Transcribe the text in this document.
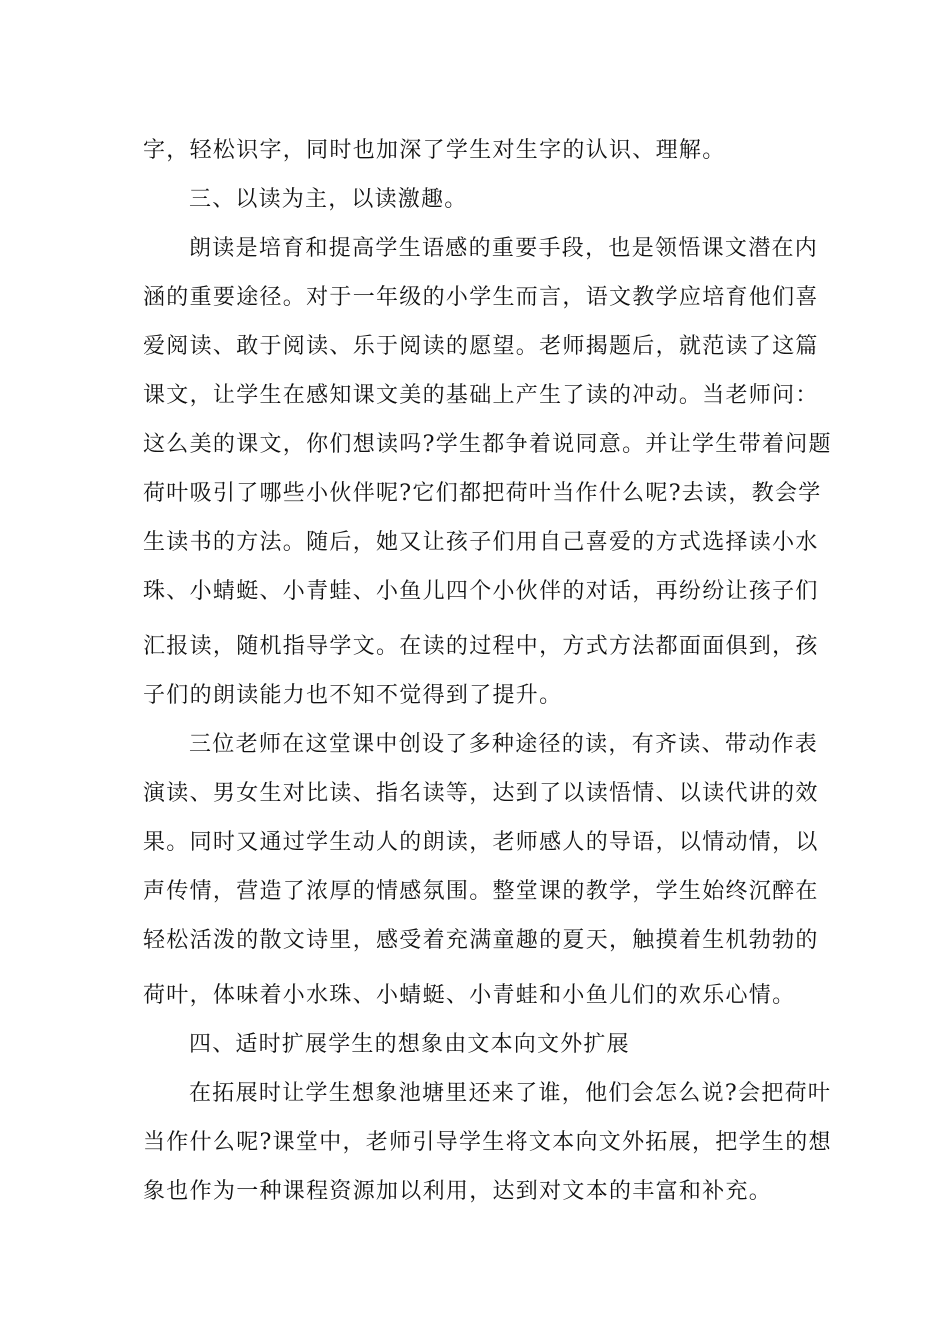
字，轻松识字，同时也加深了学生对生字的认识、理解。
三、以读为主，以读激趣。
朗读是培育和提高学生语感的重要手段，也是领悟课文潜在内
涵的重要途径。对于一年级的小学生而言，语文教学应培育他们喜
爱阅读、敢于阅读、乐于阅读的愿望。老师揭题后，就范读了这篇
课文，让学生在感知课文美的基础上产生了读的冲动。当老师问：
这么美的课文，你们想读吗?学生都争着说同意。并让学生带着问题
荷叶吸引了哪些小伙伴呢?它们都把荷叶当作什么呢?去读，教会学
生读书的方法。随后，她又让孩子们用自己喜爱的方式选择读小水
珠、小蜻蜓、小青蛙、小鱼儿四个小伙伴的对话，再纷纷让孩子们
汇报读，随机指导学文。在读的过程中，方式方法都面面俱到，孩
子们的朗读能力也不知不觉得到了提升。
三位老师在这堂课中创设了多种途径的读，有齐读、带动作表
演读、男女生对比读、指名读等，达到了以读悟情、以读代讲的效
果。同时又通过学生动人的朗读，老师感人的导语，以情动情，以
声传情，营造了浓厚的情感氛围。整堂课的教学，学生始终沉醉在
轻松活泼的散文诗里，感受着充满童趣的夏天，触摸着生机勃勃的
荷叶，体味着小水珠、小蜻蜓、小青蛙和小鱼儿们的欢乐心情。
四、适时扩展学生的想象由文本向文外扩展
在拓展时让学生想象池塘里还来了谁，他们会怎么说?会把荷叶
当作什么呢?课堂中，老师引导学生将文本向文外拓展，把学生的想
象也作为一种课程资源加以利用，达到对文本的丰富和补充。
